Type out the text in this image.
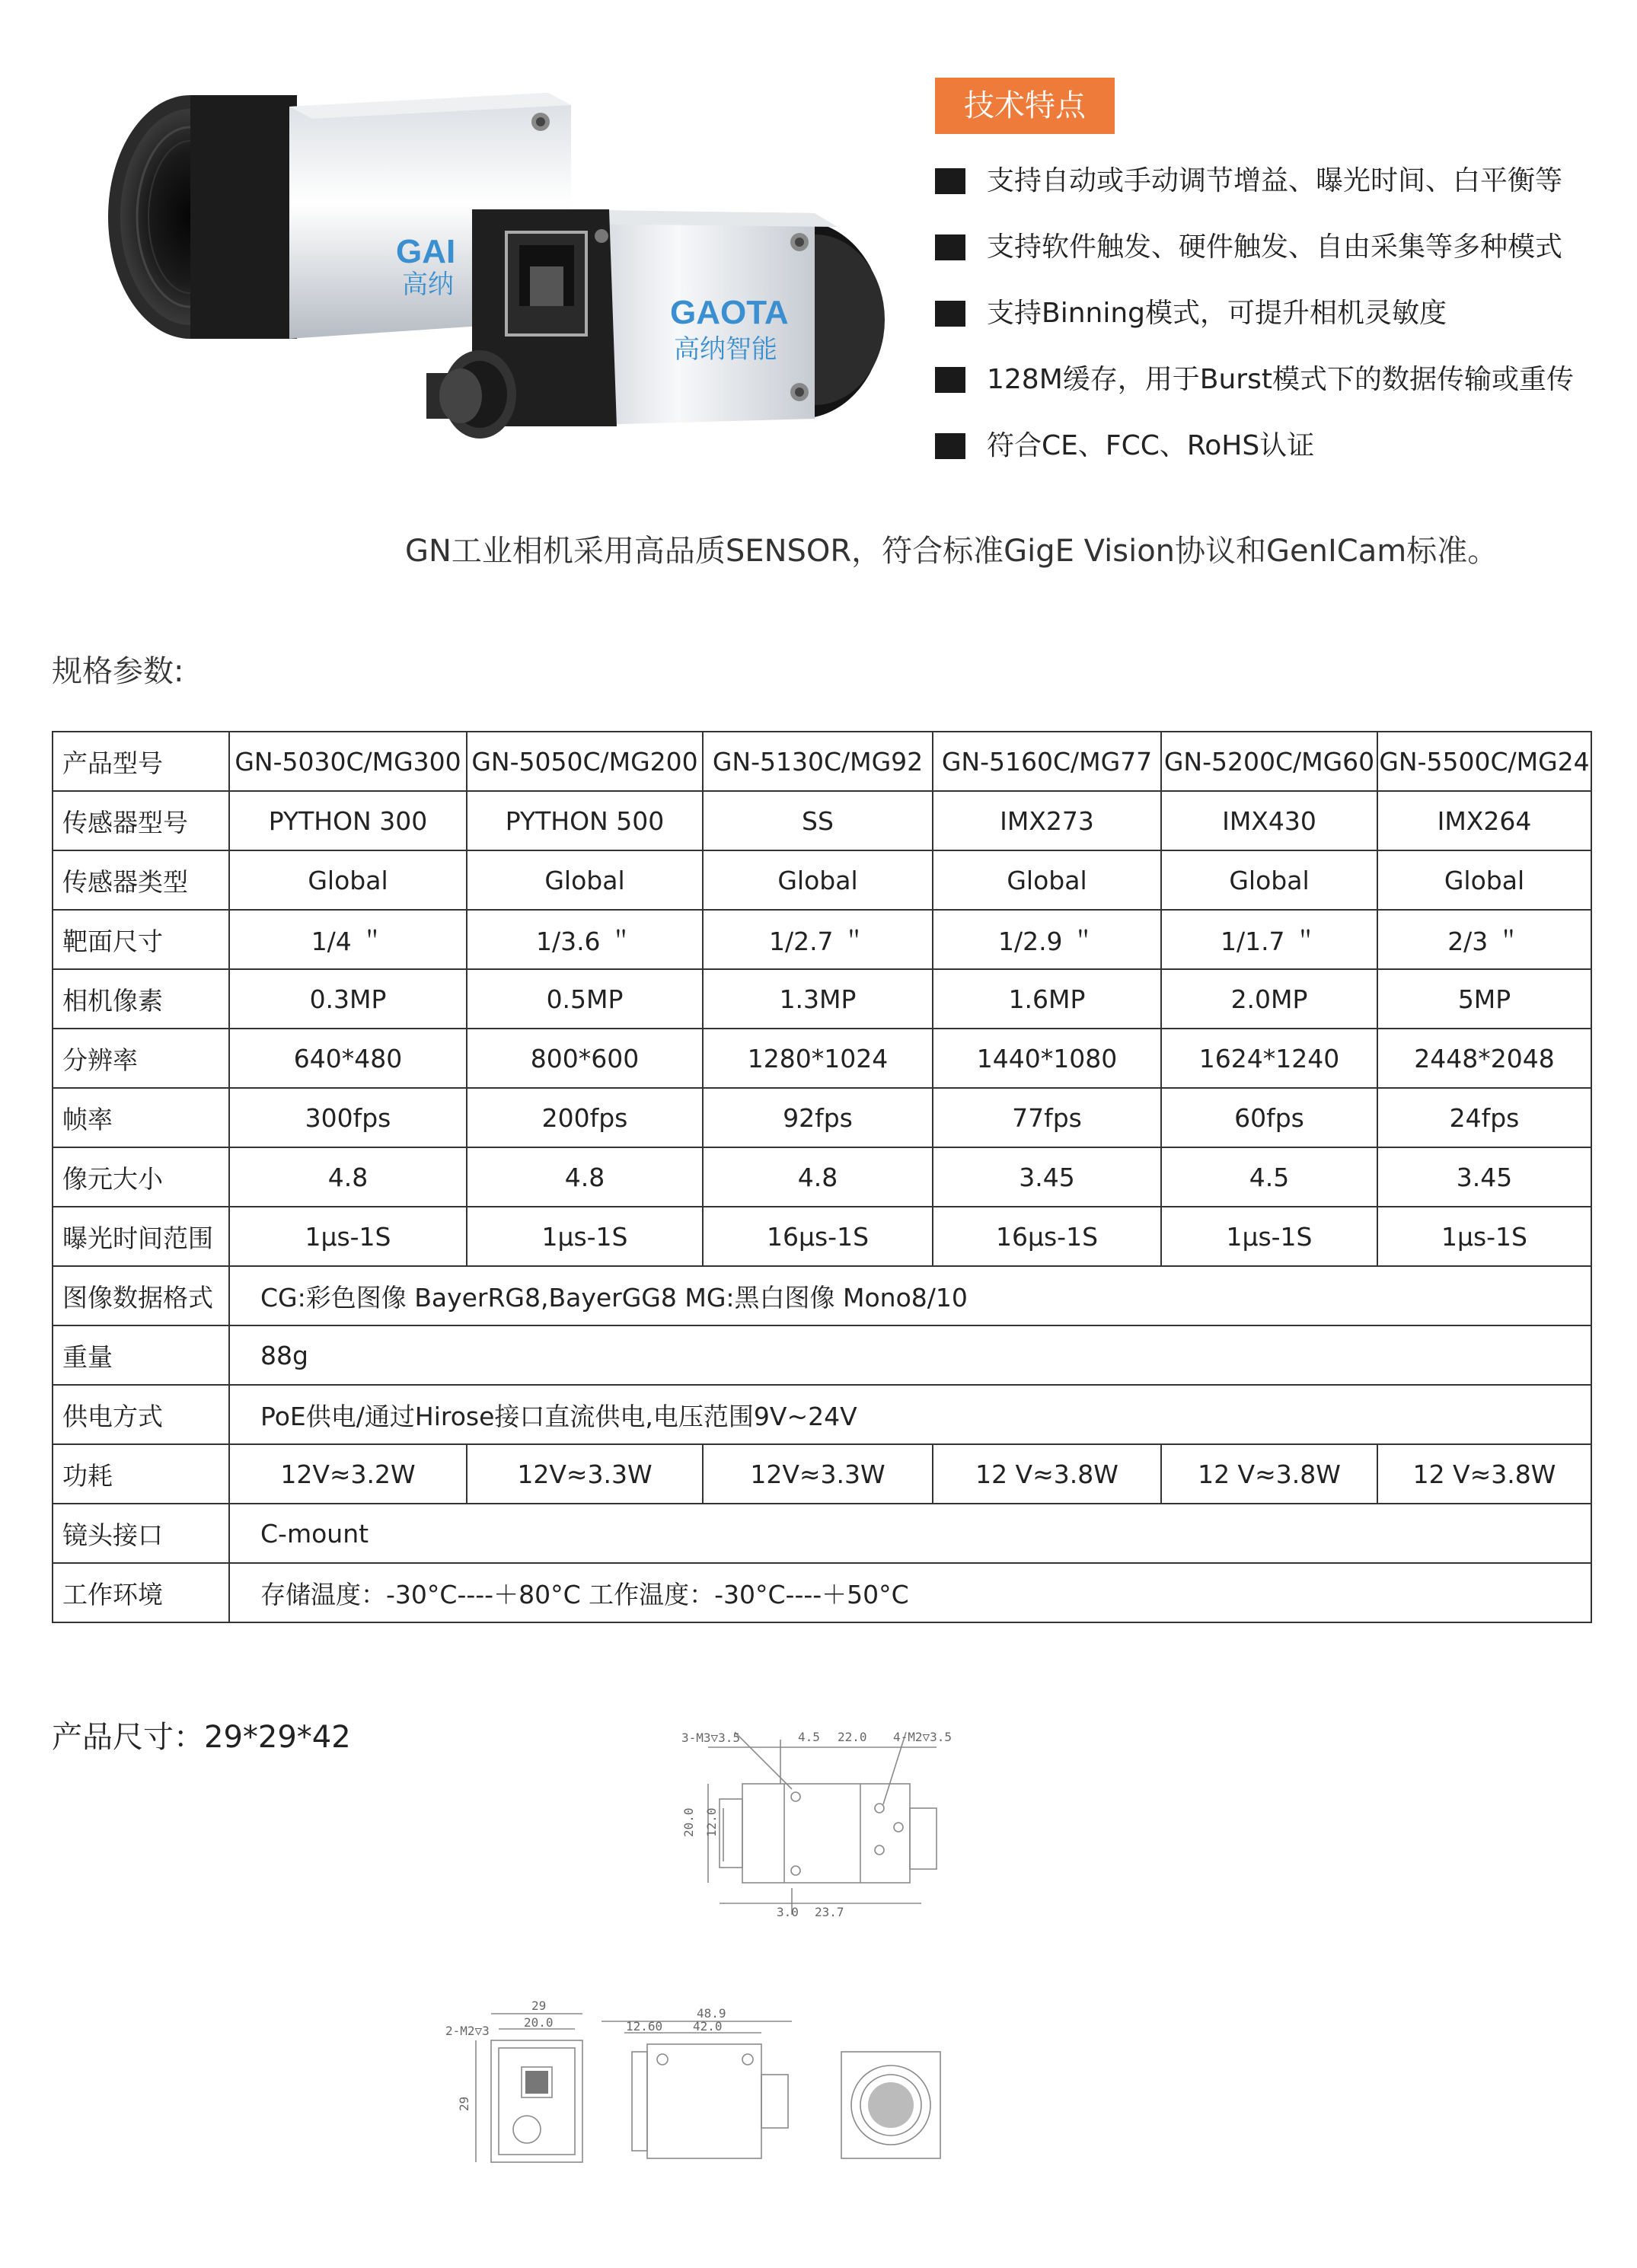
GAI
高纳
GAOTA
高纳智能
技术特点
支持自动或手动调节增益、曝光时间、白平衡等
支持软件触发、硬件触发、自由采集等多种模式
支持Binning模式，可提升相机灵敏度
128M缓存，用于Burst模式下的数据传输或重传
符合CE、FCC、RoHS认证
GN工业相机采用高品质SENSOR，符合标准GigE Vision协议和GenICam标准。
规格参数:
产品型号	GN-5030C/MG300	GN-5050C/MG200	GN-5130C/MG92	GN-5160C/MG77	GN-5200C/MG60	GN-5500C/MG24
传感器型号	PYTHON 300	PYTHON 500	SS	IMX273	IMX430	IMX264
传感器类型	Global	Global	Global	Global	Global	Global
靶面尺寸	1/4 ＂	1/3.6 ＂	1/2.7 ＂	1/2.9 ＂	1/1.7 ＂	2/3 ＂
相机像素	0.3MP	0.5MP	1.3MP	1.6MP	2.0MP	5MP
分辨率	640*480	800*600	1280*1024	1440*1080	1624*1240	2448*2048
帧率	300fps	200fps	92fps	77fps	60fps	24fps
像元大小	4.8	4.8	4.8	3.45	4.5	3.45
曝光时间范围	1μs-1S	1μs-1S	16μs-1S	16μs-1S	1μs-1S	1μs-1S
图像数据格式	CG:彩色图像 BayerRG8,BayerGG8 MG:黑白图像 Mono8/10					
重量	88g					
供电方式	PoE供电/通过Hirose接口直流供电,电压范围9V~24V					
功耗	12V≈3.2W	12V≈3.3W	12V≈3.3W	12 V≈3.8W	12 V≈3.8W	12 V≈3.8W
镜头接口	C-mount					
工作环境	存储温度：-30°C----＋80°C 工作温度：-30°C----＋50°C					
产品尺寸：29*29*42	3-M3▽3.5	4.5 22.0 4-M2▽3.5
20.0 12.0
3.0 23.7
29
2-M2▽3
20.0
29
48.9
12.60 42.0
